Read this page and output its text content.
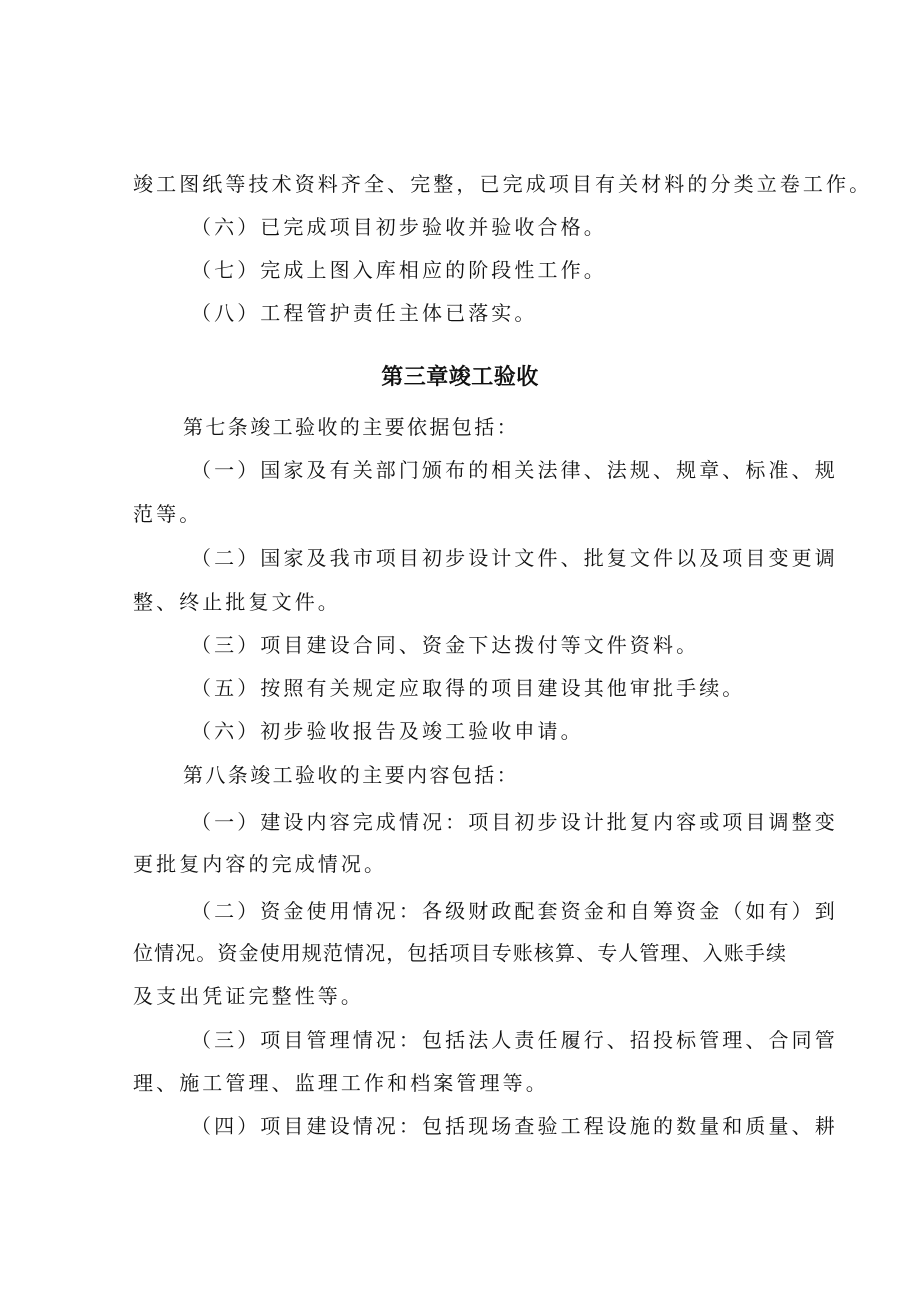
竣工图纸等技术资料齐全、完整，已完成项目有关材料的分类立卷工作。
（六）已完成项目初步验收并验收合格。
（七）完成上图入库相应的阶段性工作。
（八）工程管护责任主体已落实。
第三章竣工验收
第七条竣工验收的主要依据包括：
（一）国家及有关部门颁布的相关法律、法规、规章、标准、规
范等。
（二）国家及我市项目初步设计文件、批复文件以及项目变更调
整、终止批复文件。
（三）项目建设合同、资金下达拨付等文件资料。
（五）按照有关规定应取得的项目建设其他审批手续。
（六）初步验收报告及竣工验收申请。
第八条竣工验收的主要内容包括：
（一）建设内容完成情况：项目初步设计批复内容或项目调整变
更批复内容的完成情况。
（二）资金使用情况：各级财政配套资金和自筹资金（如有）到
位情况。资金使用规范情况，包括项目专账核算、专人管理、入账手续
及支出凭证完整性等。
（三）项目管理情况：包括法人责任履行、招投标管理、合同管
理、施工管理、监理工作和档案管理等。
（四）项目建设情况：包括现场查验工程设施的数量和质量、耕
